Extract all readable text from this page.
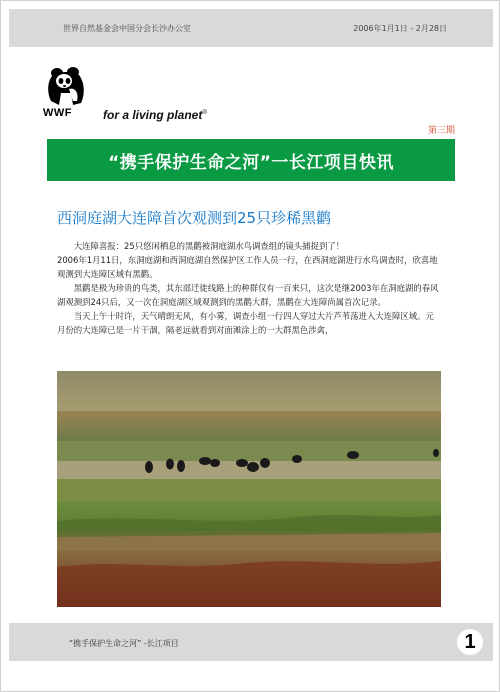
世界自然基金会中国分会长沙办公室	2006年1月1日 - 2月28日
WWF	for a living planet®
第三期
“携手保护生命之河”一长江项目快讯
西洞庭湖大连障首次观测到25只珍稀黑鹳

大连障喜报：25只悠闲栖息的黑鹳被洞庭湖水鸟调查组的镜头捕捉到了！

2006年1月11日，东洞庭湖和西洞庭湖自然保护区工作人员一行，在西洞庭湖进行水鸟调查时，欣喜地观测到大连障区域有黑鹳。

黑鹳是极为珍贵的鸟类，其东部迁徙线路上的种群仅有一百来只，这次是继2003年在洞庭湖的春风湖观测到24只后，又一次在洞庭湖区域观测到的黑鹳大群，黑鹳在大连障尚属首次记录。

当天上午十时许，天气晴朗无风，有小雾，调查小组一行四人穿过大片芦苇荡进入大连障区域。元月份的大连障已是一片干涸，隔老远就看到对面滩涂上的一大群黑色涉禽，

“携手保护生命之河” -长江项目	1
